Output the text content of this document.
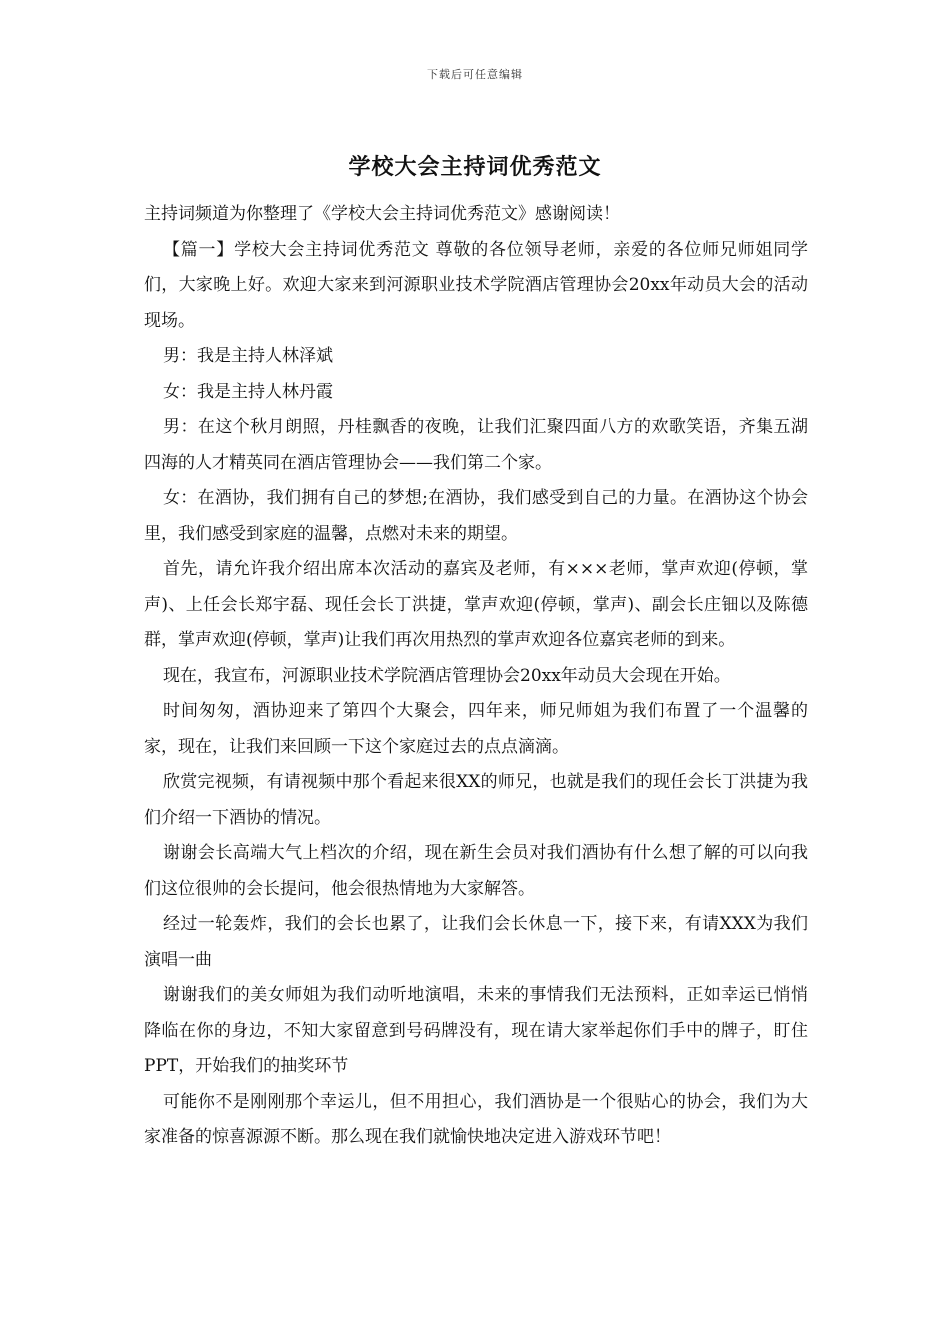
下载后可任意编辑
学校大会主持词优秀范文

主持词频道为你整理了《学校大会主持词优秀范文》感谢阅读！

【篇一】学校大会主持词优秀范文 尊敬的各位领导老师，亲爱的各位师兄师姐同学们，大家晚上好。欢迎大家来到河源职业技术学院酒店管理协会20xx年动员大会的活动现场。

男：我是主持人林泽斌

女：我是主持人林丹霞

男：在这个秋月朗照，丹桂飘香的夜晚，让我们汇聚四面八方的欢歌笑语，齐集五湖四海的人才精英同在酒店管理协会——我们第二个家。

女：在酒协，我们拥有自己的梦想;在酒协，我们感受到自己的力量。在酒协这个协会里，我们感受到家庭的温馨，点燃对未来的期望。

首先，请允许我介绍出席本次活动的嘉宾及老师，有×××老师，掌声欢迎(停顿，掌声)、上任会长郑宇磊、现任会长丁洪捷，掌声欢迎(停顿，掌声)、副会长庄钿以及陈德群，掌声欢迎(停顿，掌声)让我们再次用热烈的掌声欢迎各位嘉宾老师的到来。

现在，我宣布，河源职业技术学院酒店管理协会20xx年动员大会现在开始。

时间匆匆，酒协迎来了第四个大聚会，四年来，师兄师姐为我们布置了一个温馨的家，现在，让我们来回顾一下这个家庭过去的点点滴滴。

欣赏完视频，有请视频中那个看起来很XX的师兄，也就是我们的现任会长丁洪捷为我们介绍一下酒协的情况。

谢谢会长高端大气上档次的介绍，现在新生会员对我们酒协有什么想了解的可以向我们这位很帅的会长提问，他会很热情地为大家解答。

经过一轮轰炸，我们的会长也累了，让我们会长休息一下，接下来，有请XXX为我们演唱一曲

谢谢我们的美女师姐为我们动听地演唱，未来的事情我们无法预料，正如幸运已悄悄降临在你的身边，不知大家留意到号码牌没有，现在请大家举起你们手中的牌子，盯住PPT，开始我们的抽奖环节

可能你不是刚刚那个幸运儿，但不用担心，我们酒协是一个很贴心的协会，我们为大家准备的惊喜源源不断。那么现在我们就愉快地决定进入游戏环节吧！
